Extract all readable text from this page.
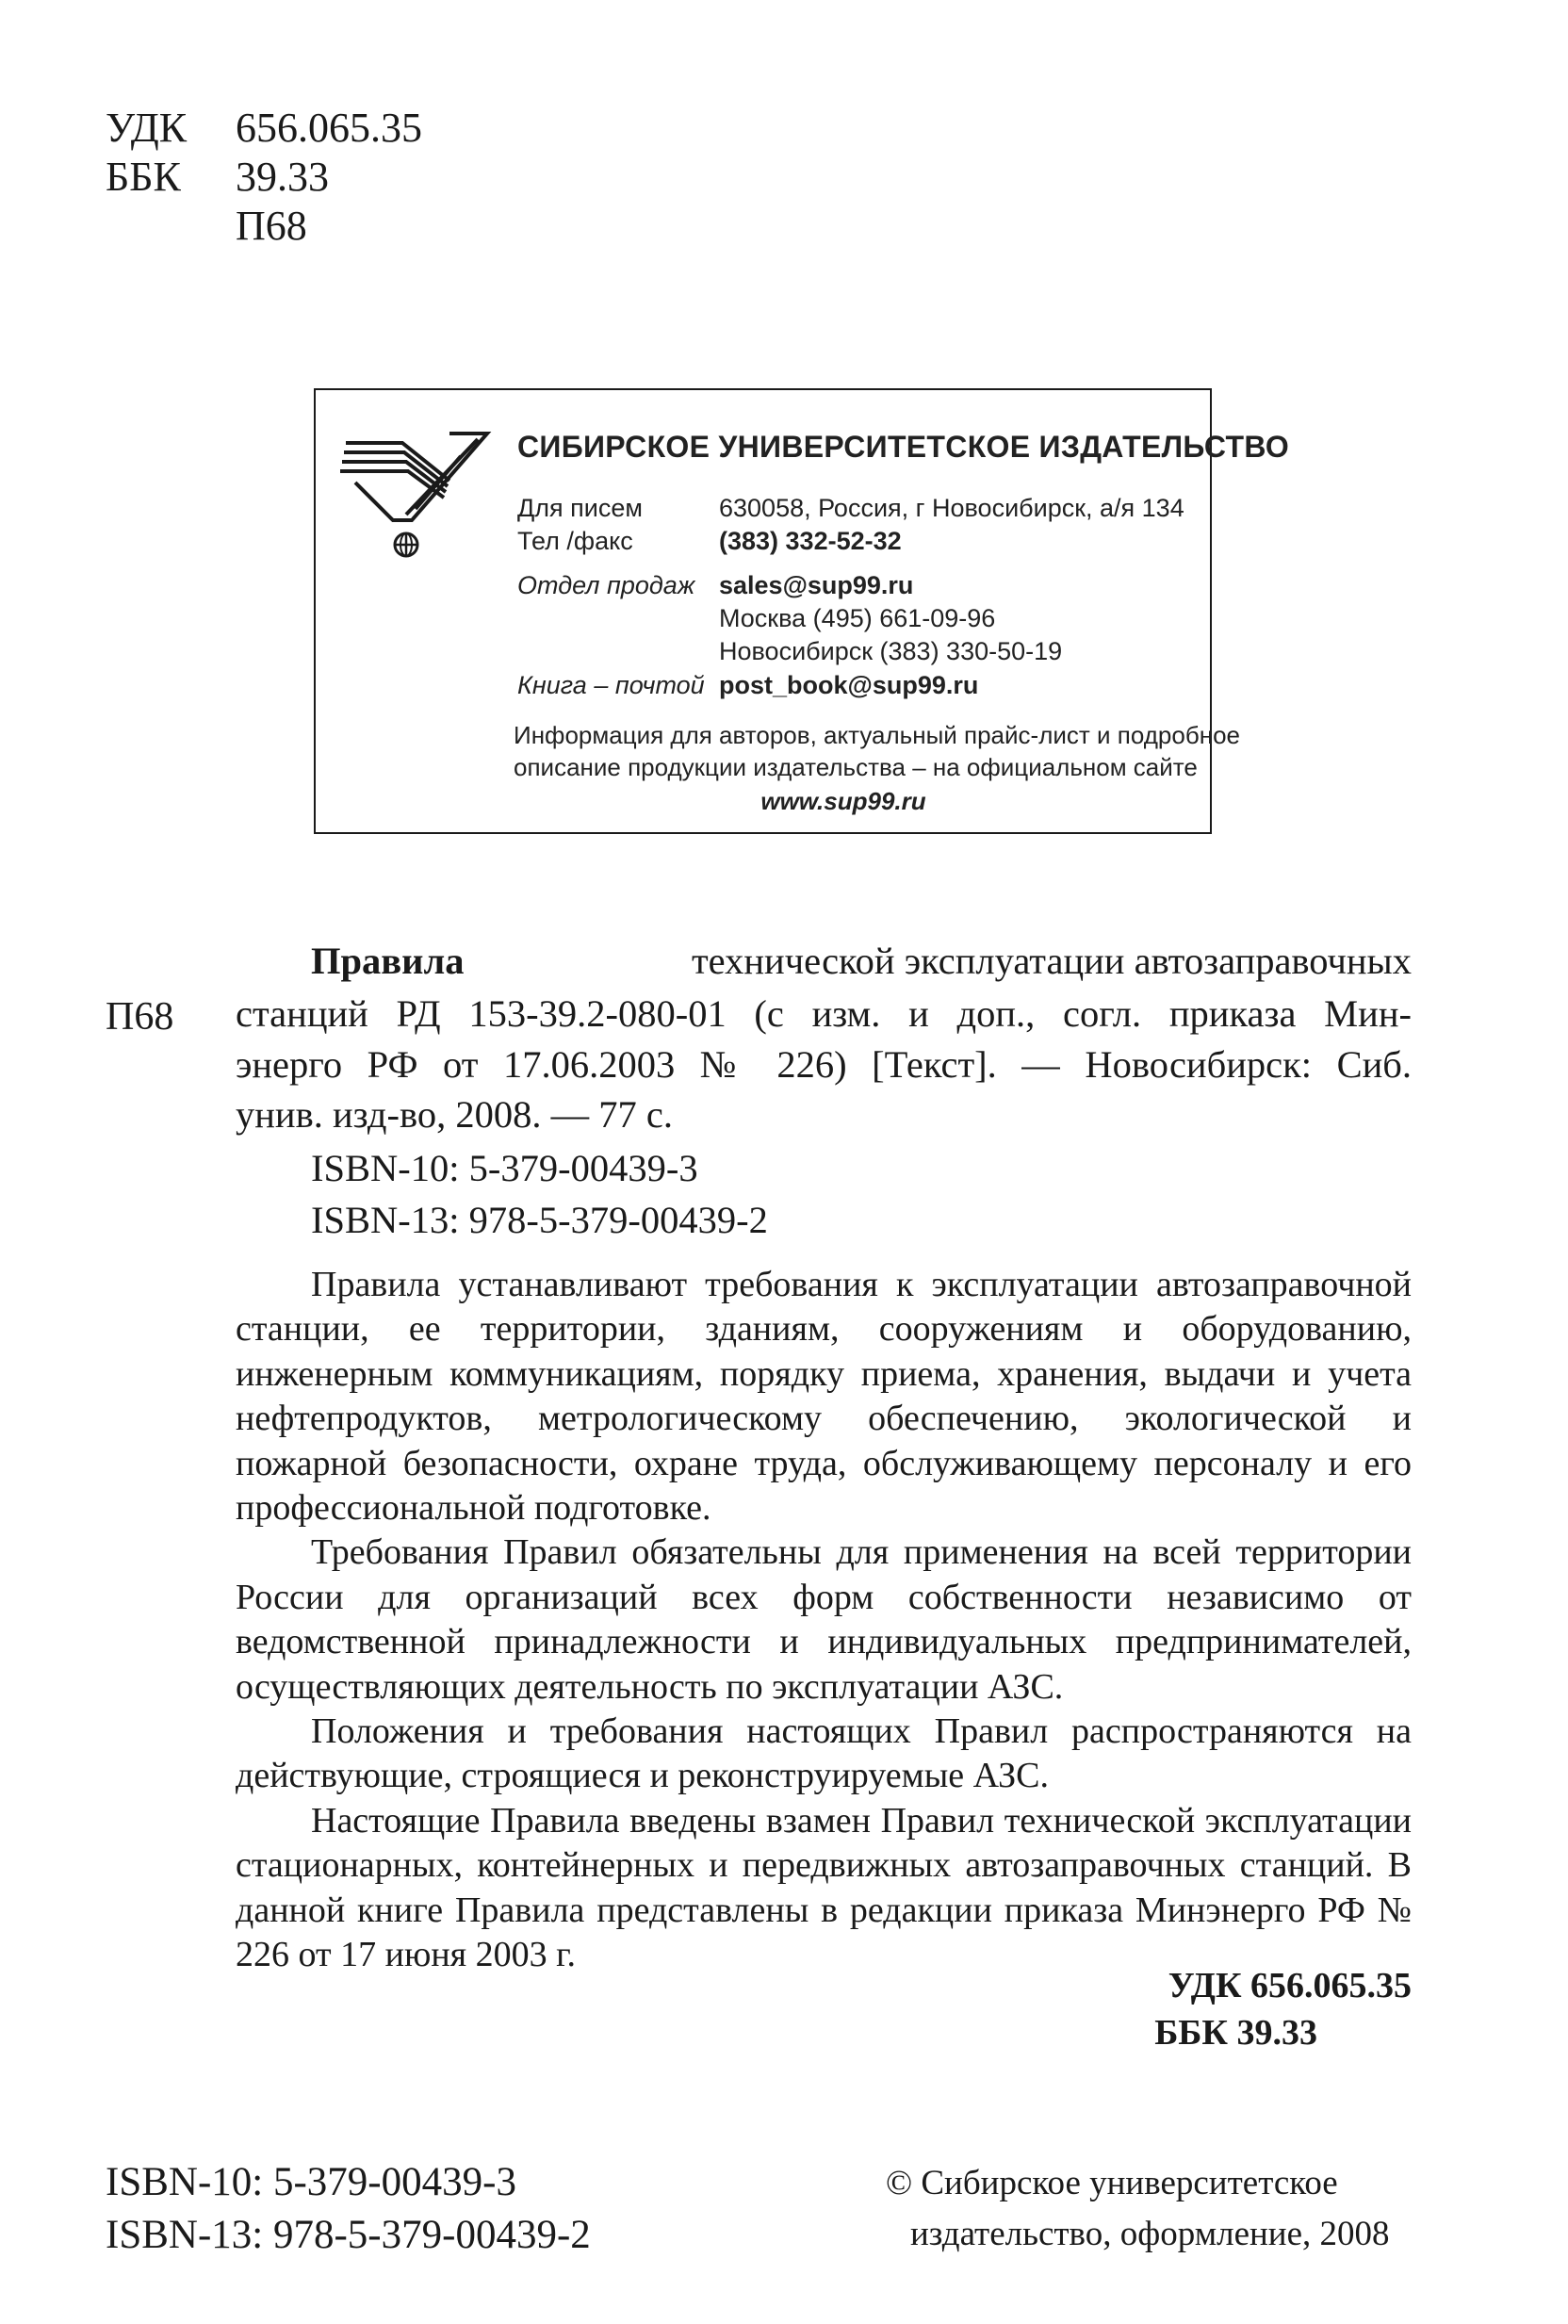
УДК 656.065.35
ББК 39.33
П68
СИБИРСКОЕ УНИВЕРСИТЕТСКОЕ ИЗДАТЕЛЬСТВО
Для писем	630058, Россия, г Новосибирск, а/я 134
Тел /факс	(383) 332-52-32
Отдел продаж sales@sup99.ru
Москва (495) 661-09-96
Новосибирск (383) 330-50-19
Книга – почтой post_book@sup99.ru
Информация для авторов, актуальный прайс-лист и подробное
описание продукции издательства – на официальном сайте
www.sup99.ru
П68
Правила	технической эксплуатации автозаправочных
станций РД 153-39.2-080-01 (с изм. и доп., согл. приказа Мин-
энерго РФ от 17.06.2003 № 226) [Текст]. — Новосибирск: Сиб.
унив. изд-во, 2008. — 77 с.
ISBN-10: 5-379-00439-3
ISBN-13: 978-5-379-00439-2

Правила устанавливают требования к эксплуатации автозаправочной станции, ее территории, зданиям, сооружениям и оборудованию, инженерным коммуникациям, порядку приема, хранения, выдачи и учета нефтепродуктов, метрологическому обеспечению, экологической и пожарной безопасности, охране труда, обслуживающему персоналу и его профессиональной подготовке.

Требования Правил обязательны для применения на всей территории России для организаций всех форм собственности независимо от ведомственной принадлежности и индивидуальных предпринимателей, осуществляющих деятельность по эксплуатации АЗС.

Положения и требования настоящих Правил распространяются на действующие, строящиеся и реконструируемые АЗС.

Настоящие Правила введены взамен Правил технической эксплуатации стационарных, контейнерных и передвижных автозаправочных станций. В данной книге Правила представлены в редакции приказа Минэнерго РФ № 226 от 17 июня 2003 г.

УДК 656.065.35
ББК 39.33
ISBN-10: 5-379-00439-3
ISBN-13: 978-5-379-00439-2
© Сибирское университетское
издательство, оформление, 2008
